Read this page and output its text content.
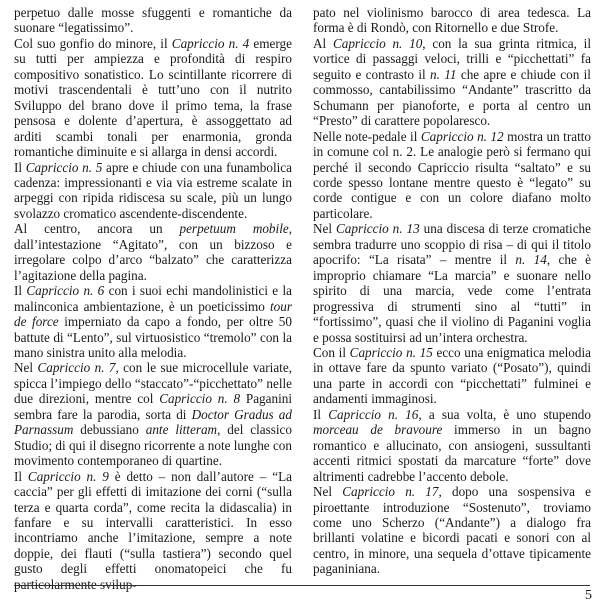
perpetuo dalle mosse sfuggenti e romantiche da suonare “legatissimo”.

Col suo gonfio do minore, il Capriccio n. 4 emerge su tutti per ampiezza e profondità di respiro compositivo sonatistico. Lo scintillante ricorrere di motivi trascendentali è tutt’uno con il nutrito Sviluppo del brano dove il primo tema, la frase pensosa e dolente d’apertura, è assoggettato ad arditi scambi tonali per enarmonia, gronda romantiche diminuite e si allarga in densi accordi.

Il Capriccio n. 5 apre e chiude con una funambolica cadenza: impressionanti e via via estreme scalate in arpeggi con ripida ridiscesa su scale, più un lungo svolazzo cromatico ascendente-discendente.

Al centro, ancora un perpetuum mobile, dall’intestazione “Agitato”, con un bizzoso e irregolare colpo d’arco “balzato” che caratterizza l’agitazione della pagina.

Il Capriccio n. 6 con i suoi echi mandolinistici e la malinconica ambientazione, è un poeticissimo tour de force imperniato da capo a fondo, per oltre 50 battute di “Lento”, sul virtuosistico “tremolo” con la mano sinistra unito alla melodia.

Nel Capriccio n. 7, con le sue microcellule variate, spicca l’impiego dello “staccato”-“picchettato” nelle due direzioni, mentre col Capriccio n. 8 Paganini sembra fare la parodia, sorta di Doctor Gradus ad Parnassum debussiano ante litteram, del classico Studio; di qui il disegno ricorrente a note lunghe con movimento contemporaneo di quartine.

Il Capriccio n. 9 è detto – non dall’autore – “La caccia” per gli effetti di imitazione dei corni (“sulla terza e quarta corda”, come recita la didascalia) in fanfare e su intervalli caratteristici. In esso incontriamo anche l’imitazione, sempre a note doppie, dei flauti (“sulla tastiera”) secondo quel gusto degli effetti onomatopeici che fu particolarmente svilup-

pato nel violinismo barocco di area tedesca. La forma è di Rondò, con Ritornello e due Strofe.

Al Capriccio n. 10, con la sua grinta ritmica, il vortice di passaggi veloci, trilli e “picchettati” fa seguito e contrasto il n. 11 che apre e chiude con il commosso, cantabilissimo “Andante” trascritto da Schumann per pianoforte, e porta al centro un “Presto” di carattere popolaresco.

Nelle note-pedale il Capriccio n. 12 mostra un tratto in comune col n. 2. Le analogie però si fermano qui perché il secondo Capriccio risulta “saltato” e su corde spesso lontane mentre questo è “legato” su corde contigue e con un colore diafano molto particolare.

Nel Capriccio n. 13 una discesa di terze cromatiche sembra tradurre uno scoppio di risa – di qui il titolo apocrifo: “La risata” – mentre il n. 14, che è improprio chiamare “La marcia” e suonare nello spirito di una marcia, vede come l’entrata progressiva di strumenti sino al “tutti” in “fortissimo”, quasi che il violino di Paganini voglia e possa sostituirsi ad un’intera orchestra.

Con il Capriccio n. 15 ecco una enigmatica melodia in ottave fare da spunto variato (“Posato”), quindi una parte in accordi con “picchettati” fulminei e andamenti immaginosi.

Il Capriccio n. 16, a sua volta, è uno stupendo morceau de bravoure immerso in un bagno romantico e allucinato, con ansiogeni, sussultanti accenti ritmici spostati da marcature “forte” dove altrimenti cadrebbe l’accento debole.

Nel Capriccio n. 17, dopo una sospensiva e piroettante introduzione “Sostenuto”, troviamo come uno Scherzo (“Andante”) a dialogo fra brillanti volatine e bicordi pacati e sonori con al centro, in minore, una sequela d’ottave tipicamente paganiniana.

5
